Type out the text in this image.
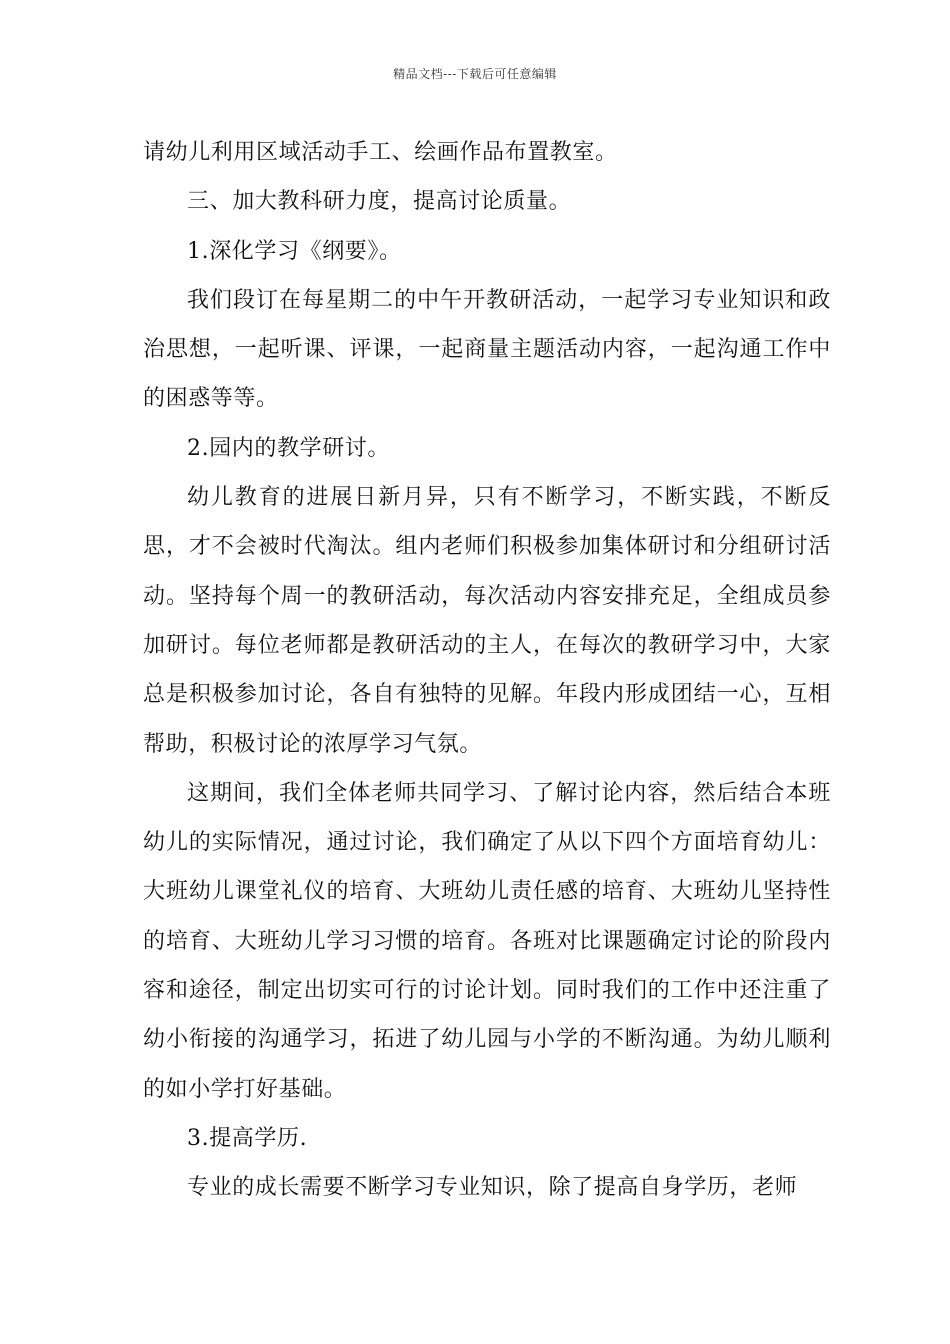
精品文档---下载后可任意编辑

请幼儿利用区域活动手工、绘画作品布置教室。

三、加大教科研力度，提高讨论质量。

1.深化学习《纲要》。

我们段订在每星期二的中午开教研活动，一起学习专业知识和政治思想，一起听课、评课，一起商量主题活动内容，一起沟通工作中的困惑等等。

2.园内的教学研讨。

幼儿教育的进展日新月异，只有不断学习，不断实践，不断反思，才不会被时代淘汰。组内老师们积极参加集体研讨和分组研讨活动。坚持每个周一的教研活动，每次活动内容安排充足，全组成员参加研讨。每位老师都是教研活动的主人，在每次的教研学习中，大家总是积极参加讨论，各自有独特的见解。年段内形成团结一心，互相帮助，积极讨论的浓厚学习气氛。

这期间，我们全体老师共同学习、了解讨论内容，然后结合本班幼儿的实际情况，通过讨论，我们确定了从以下四个方面培育幼儿：大班幼儿课堂礼仪的培育、大班幼儿责任感的培育、大班幼儿坚持性的培育、大班幼儿学习习惯的培育。各班对比课题确定讨论的阶段内容和途径，制定出切实可行的讨论计划。同时我们的工作中还注重了幼小衔接的沟通学习，拓进了幼儿园与小学的不断沟通。为幼儿顺利的如小学打好基础。

3.提高学历.

专业的成长需要不断学习专业知识，除了提高自身学历，老师
